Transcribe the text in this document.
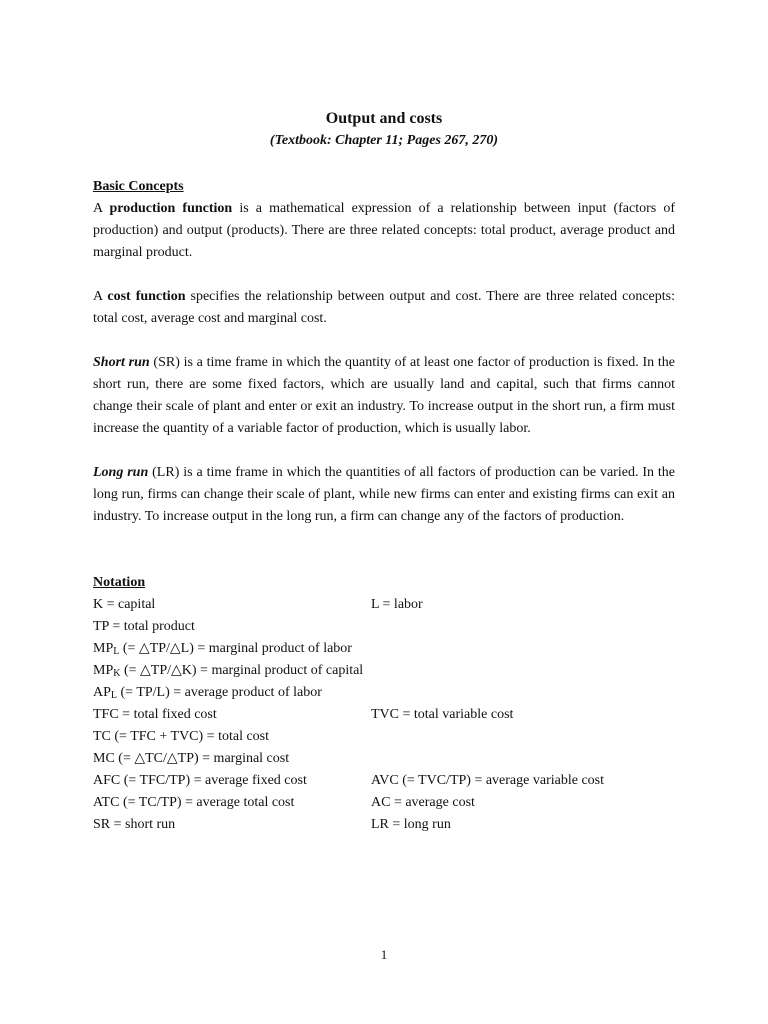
Output and costs
(Textbook: Chapter 11; Pages 267, 270)
Basic Concepts

A production function is a mathematical expression of a relationship between input (factors of production) and output (products). There are three related concepts: total product, average product and marginal product.

A cost function specifies the relationship between output and cost. There are three related concepts: total cost, average cost and marginal cost.

Short run (SR) is a time frame in which the quantity of at least one factor of production is fixed. In the short run, there are some fixed factors, which are usually land and capital, such that firms cannot change their scale of plant and enter or exit an industry. To increase output in the short run, a firm must increase the quantity of a variable factor of production, which is usually labor.

Long run (LR) is a time frame in which the quantities of all factors of production can be varied. In the long run, firms can change their scale of plant, while new firms can enter and existing firms can exit an industry. To increase output in the long run, a firm can change any of the factors of production.

Notation
K = capital	L = labor
TP = total product
$MP_L$ (= △TP/△L) = marginal product of labor
$MP_K$ (= △TP/△K) = marginal product of capital
$AP_L$ (= TP/L) = average product of labor
TFC = total fixed cost	TVC = total variable cost
TC (= TFC + TVC) = total cost
MC (= △TC/△TP) = marginal cost
AFC (= TFC/TP) = average fixed cost	AVC (= TVC/TP) = average variable cost
ATC (= TC/TP) = average total cost	AC = average cost
SR = short run	LR = long run
1
